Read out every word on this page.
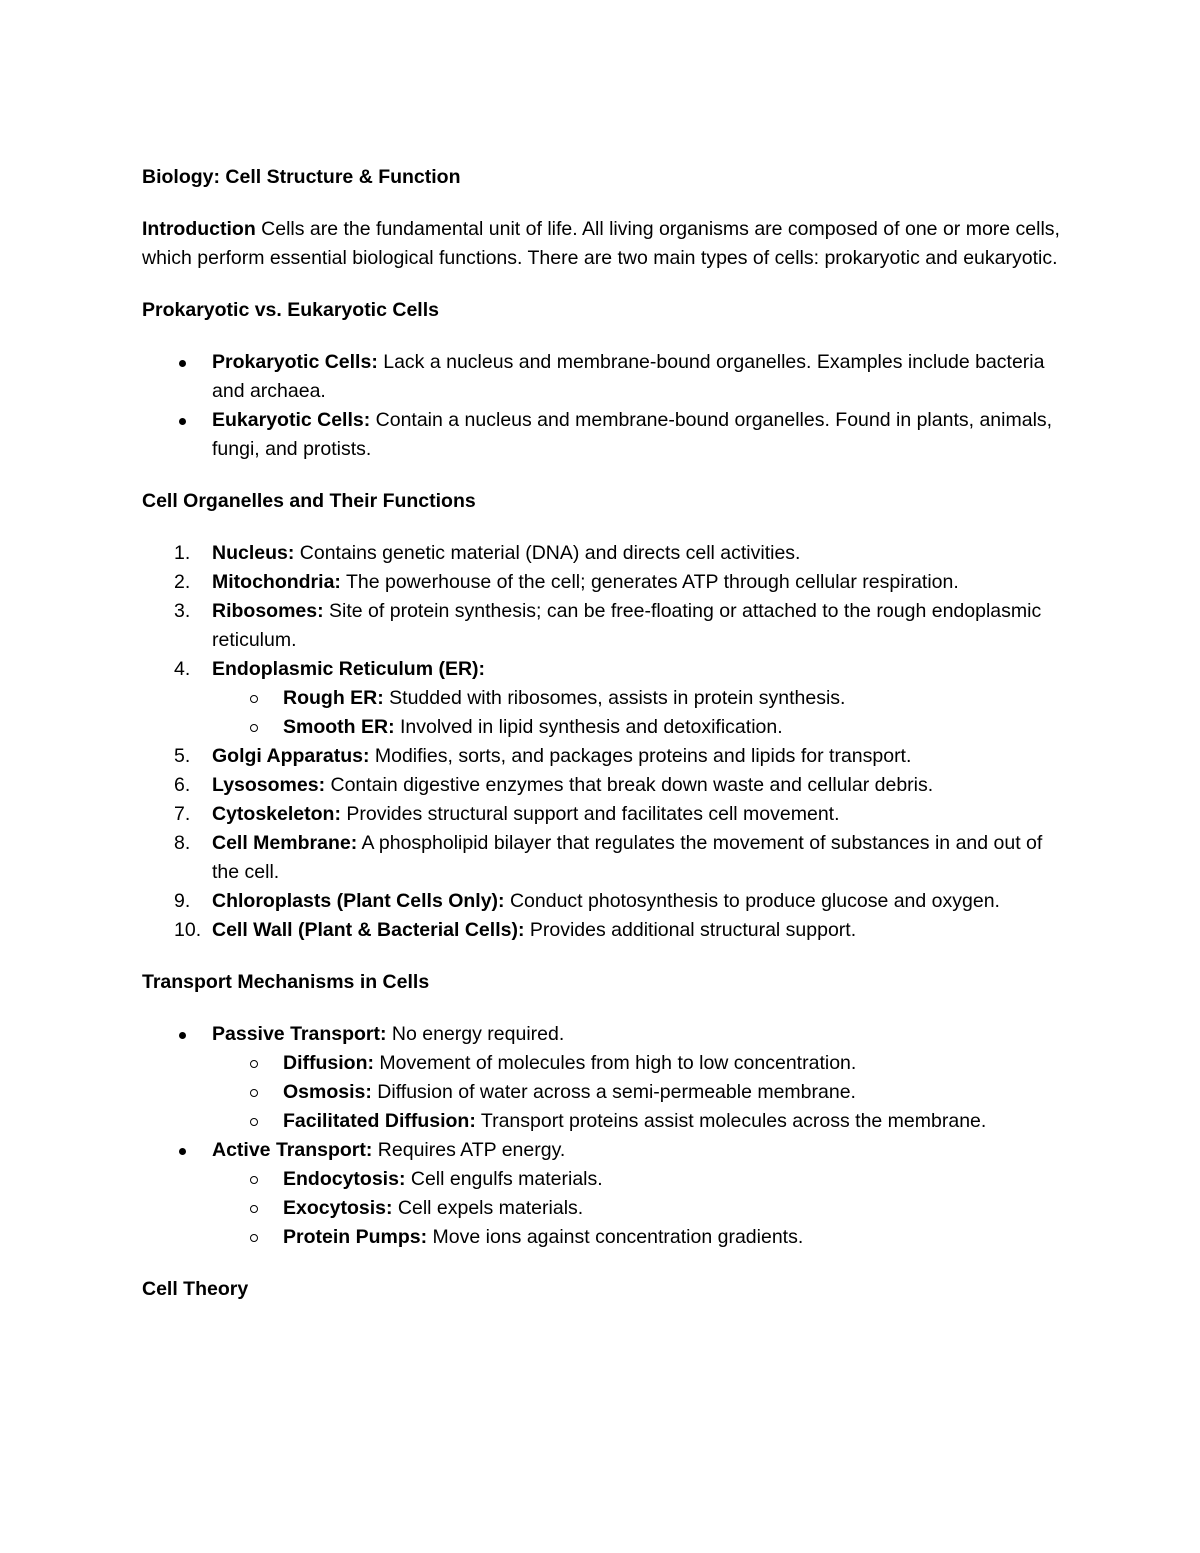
Biology: Cell Structure & Function
Introduction Cells are the fundamental unit of life. All living organisms are composed of one or more cells, which perform essential biological functions. There are two main types of cells: prokaryotic and eukaryotic.
Prokaryotic vs. Eukaryotic Cells
Prokaryotic Cells: Lack a nucleus and membrane-bound organelles. Examples include bacteria and archaea.
Eukaryotic Cells: Contain a nucleus and membrane-bound organelles. Found in plants, animals, fungi, and protists.
Cell Organelles and Their Functions
1.	Nucleus: Contains genetic material (DNA) and directs cell activities.
2.	Mitochondria: The powerhouse of the cell; generates ATP through cellular respiration.
3.	Ribosomes: Site of protein synthesis; can be free-floating or attached to the rough endoplasmic reticulum.
4.	Endoplasmic Reticulum (ER):
Rough ER: Studded with ribosomes, assists in protein synthesis.
Smooth ER: Involved in lipid synthesis and detoxification.
5.	Golgi Apparatus: Modifies, sorts, and packages proteins and lipids for transport.
6.	Lysosomes: Contain digestive enzymes that break down waste and cellular debris.
7.	Cytoskeleton: Provides structural support and facilitates cell movement.
8.	Cell Membrane: A phospholipid bilayer that regulates the movement of substances in and out of the cell.
9.	Chloroplasts (Plant Cells Only): Conduct photosynthesis to produce glucose and oxygen.
10. Cell Wall (Plant & Bacterial Cells): Provides additional structural support.
Transport Mechanisms in Cells
Passive Transport: No energy required.
Diffusion: Movement of molecules from high to low concentration.
Osmosis: Diffusion of water across a semi-permeable membrane.
Facilitated Diffusion: Transport proteins assist molecules across the membrane.
Active Transport: Requires ATP energy.
Endocytosis: Cell engulfs materials.
Exocytosis: Cell expels materials.
Protein Pumps: Move ions against concentration gradients.
Cell Theory
